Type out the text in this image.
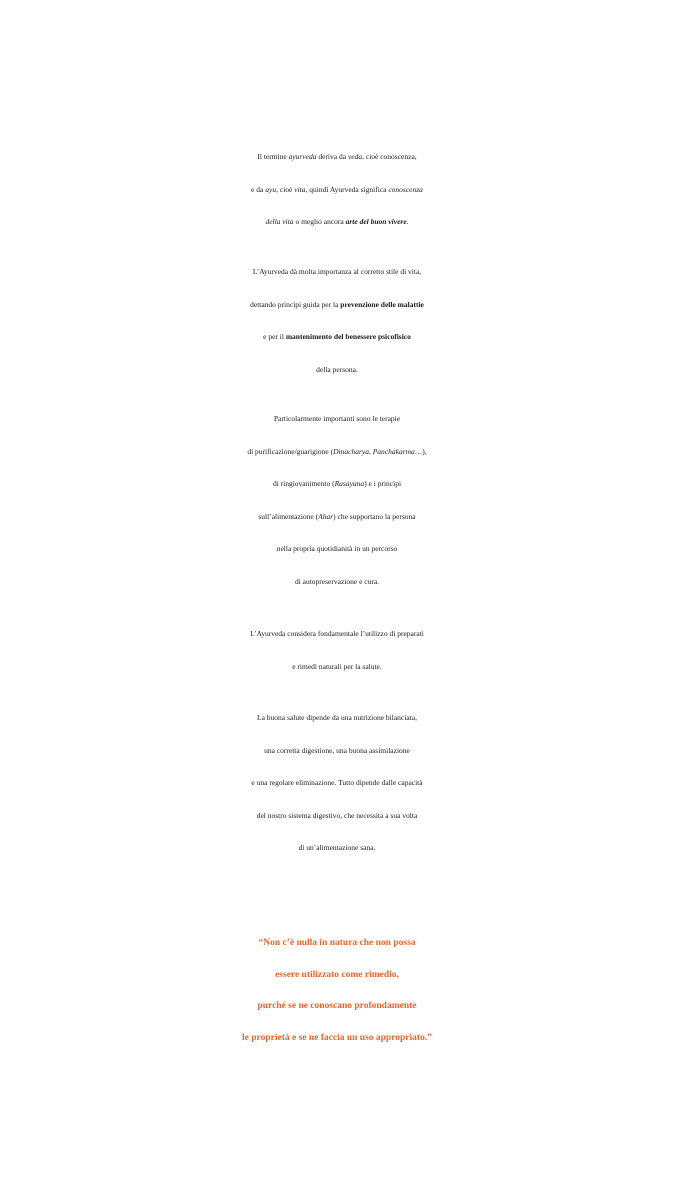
Il termine ayurveda deriva da veda, cioè conoscenza,
e da ayu, cioè vita, quindi Ayurveda significa conoscenza
della vita o meglio ancora arte del buon vivere.

L’Ayurveda dà molta importanza al corretto stile di vita,
dettando princìpi guida per la prevenzione delle malattie
e per il mantenimento del benessere psicofisico
della persona.

Particolarmente importanti sono le terapie
di purificazione/guarigione (Dinacharya, Panchakarma…),
di ringiovanimento (Rasayana) e i princìpi
sull’alimentazione (Ahar) che supportano la persona
nella propria quotidianità in un percorso
di autopreservazione e cura.

L’Ayurveda considera fondamentale l’utilizzo di preparati
e rimedi naturali per la salute.

La buona salute dipende da una nutrizione bilanciata,
una corretta digestione, una buona assimilazione
e una regolare eliminazione. Tutto dipende dalle capacità
del nostro sistema digestivo, che necessita a sua volta
di un’alimentazione sana.

“Non c’è nulla in natura che non possa
essere utilizzato come rimedio,
purché se ne conoscano profondamente
le proprietà e se ne faccia un uso appropriato.”
